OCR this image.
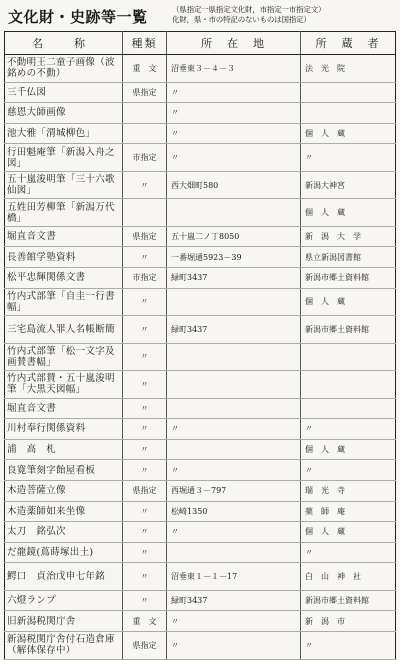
文化財・史跡等一覧	（県指定一県指定文化財，市指定一市指定文）
化財，県・市の特記のないものは国指定）
名　称	種類	所　在　地	所　蔵　者
不動明王二童子画像（波銘めの不動）	重　文	沼垂東３－４－３	法　光　院
三千仏図	県指定	〃	
慈恩大師画像		〃	
池大雅「渭城柳色」		〃	個　人　蔵
行田魁庵筆「新潟入舟之図」	市指定	〃	〃
五十嵐浚明筆「三十六歌仙図」	〃	西大畑町580	新潟大神宮
五姓田芳柳筆「新潟万代橋」			個　人　蔵
堀直音文書	県指定	五十嵐二ノ丁8050	新　潟　大　学
長善館学塾資料	〃	一番堀通5923－39	県立新潟図書館
松平忠輝関係文書	市指定	緑町3437	新潟市郷土資料館
竹内式部筆「自圭一行書幅」	〃		個　人　蔵
三宅島流人罪人名帳断簡	〃	緑町3437	新潟市郷土資料館
竹内式部筆「松一文字及画賛書幅」	〃		
竹内式部賛・五十嵐浚明筆「大黒天図幅」	〃		
堀直音文書	〃		
川村奉行関係資料	〃	〃	〃
浦　高　札	〃		個　人　蔵
良寛筆刻字飴屋看板	〃	〃	〃
木造菩薩立像	県指定	西堀通３－797	瑞　光　寺
木造薬師如来坐像	〃	松崎1350	薬　師　庵
太刀　銘弘次	〃	〃	個　人　蔵
だ龍鏡(蔦蒔塚出土)	〃		〃
鰐口　貞治戊申七年銘	〃	沼垂東１－１－17	白　山　神　社
六燈ランプ	〃	緑町3437	新潟市郷土資料館
旧新潟税関庁舎	重　文	〃	新　潟　市
新潟税関庁舎付石造倉庫（解体保存中）	県指定	〃	〃
